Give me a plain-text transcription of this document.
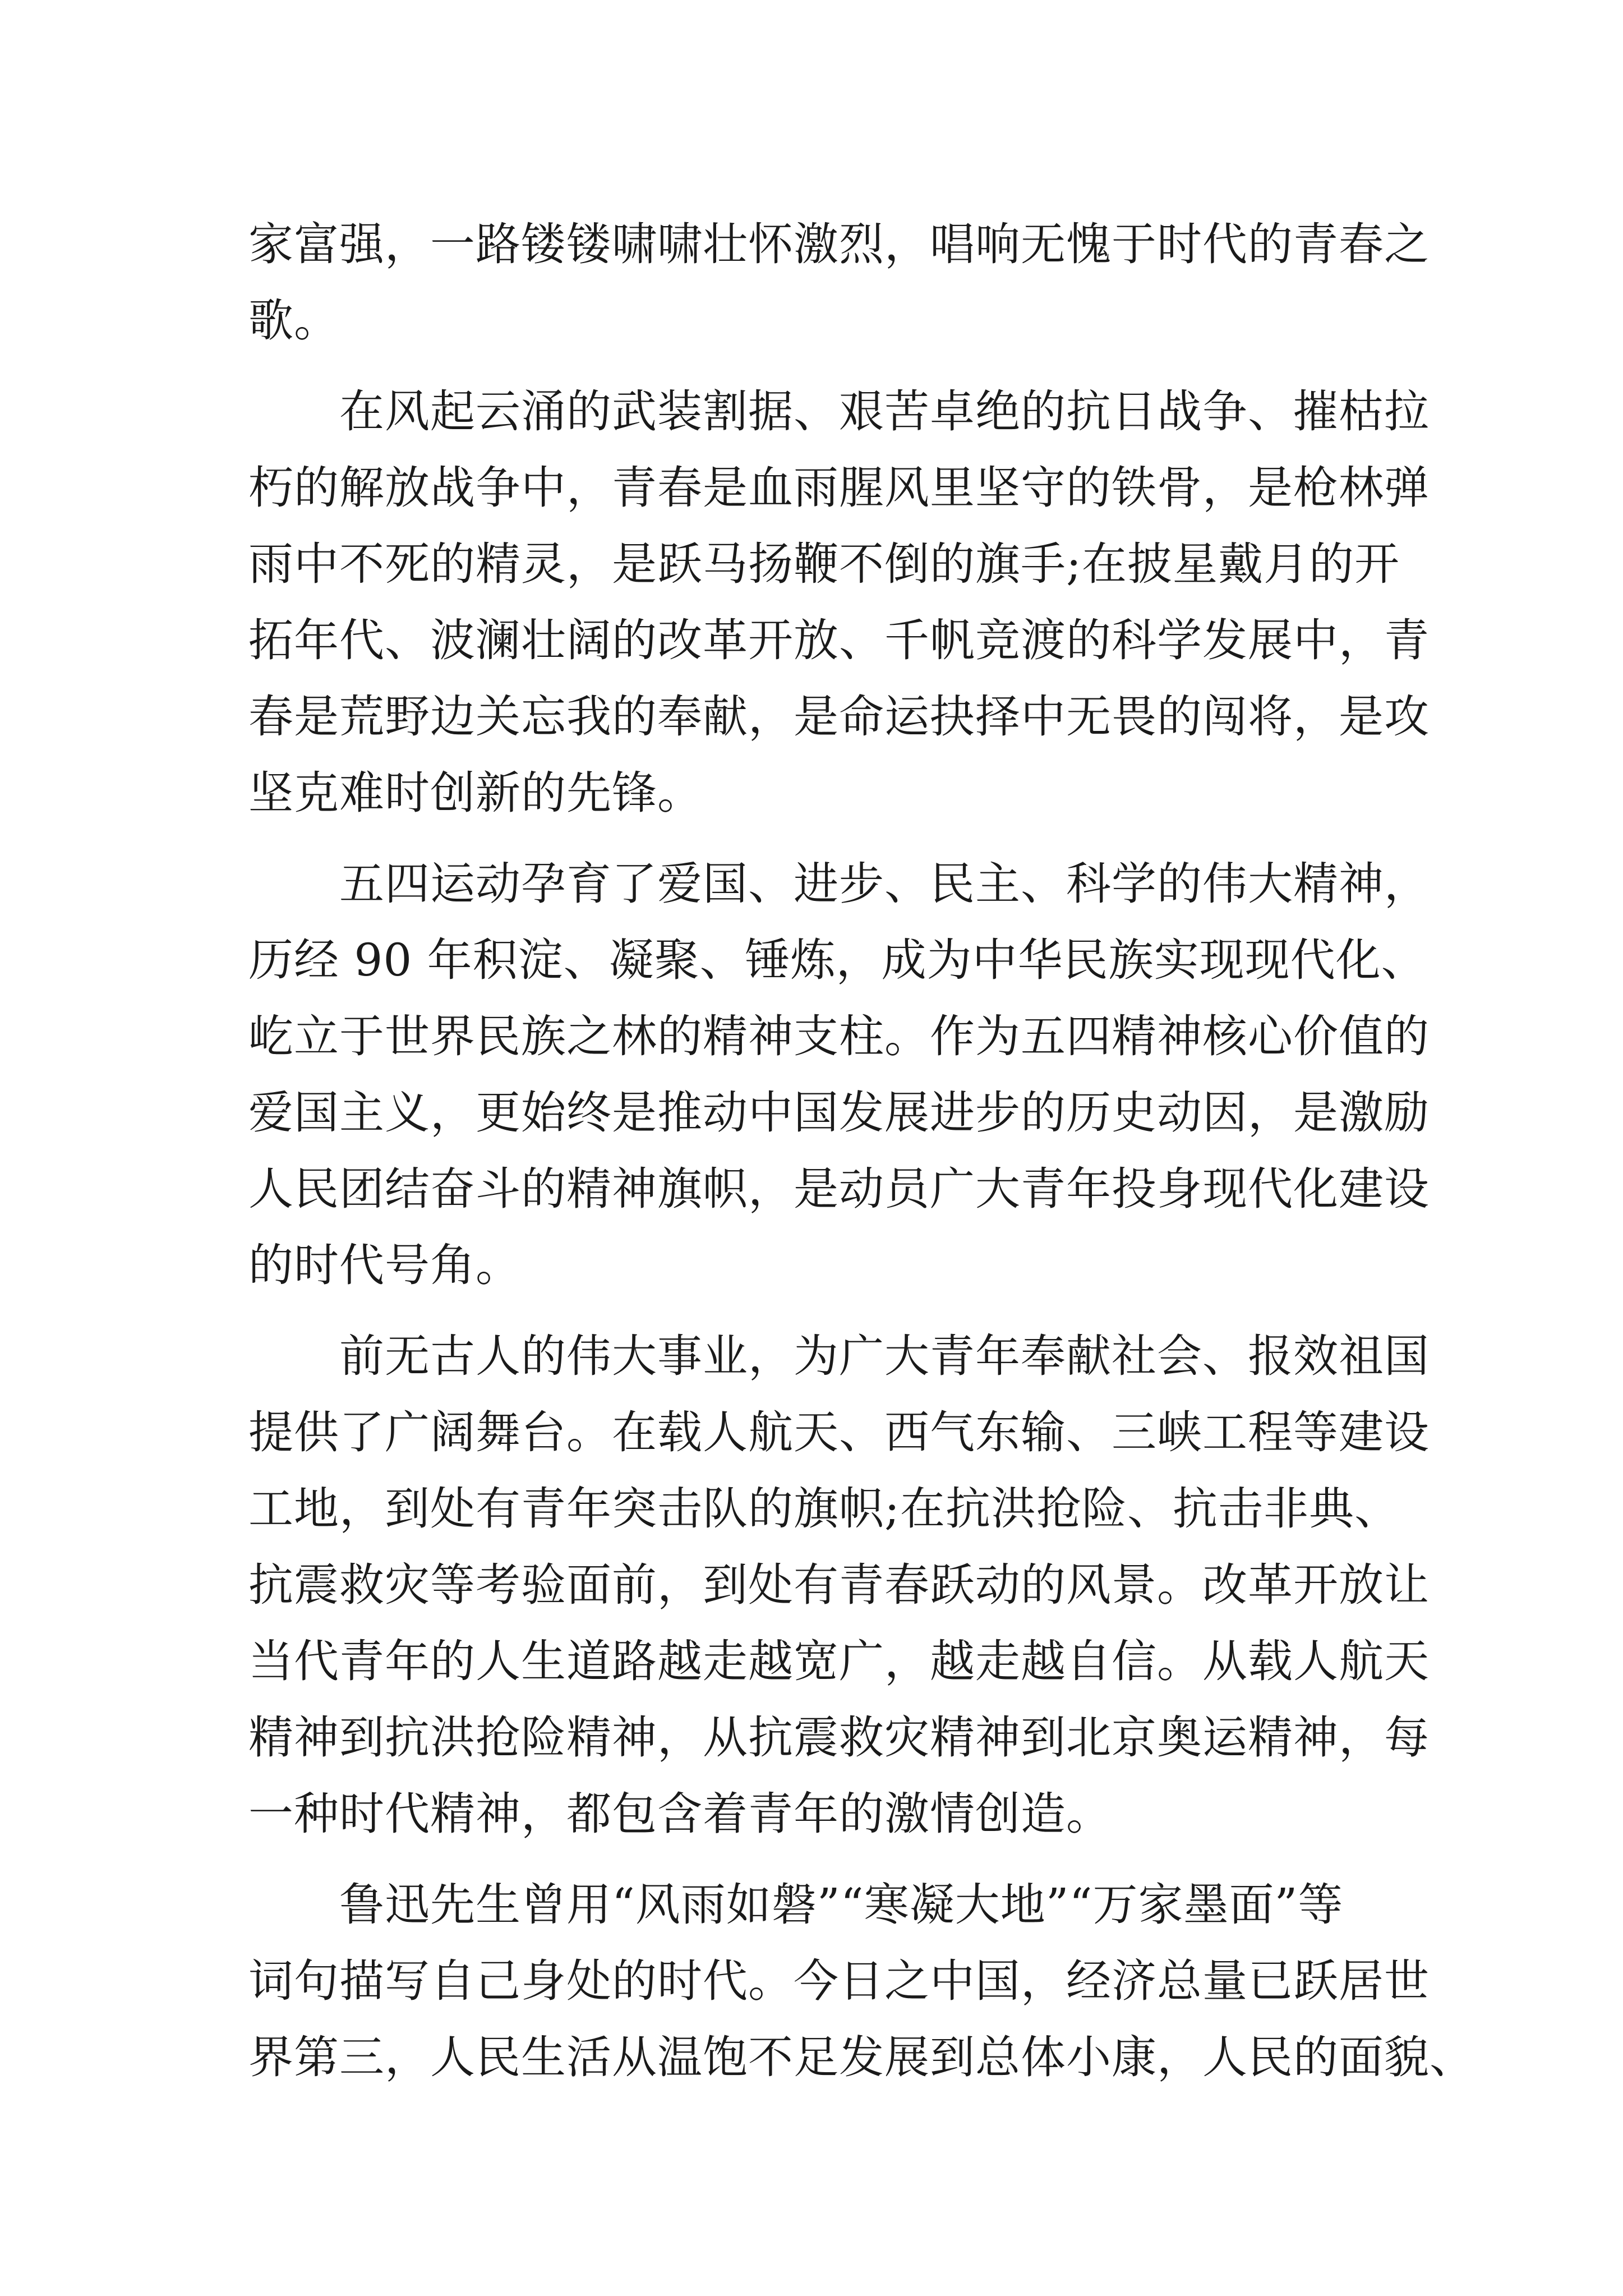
家富强，一路镂镂啸啸壮怀激烈，唱响无愧于时代的青春之
歌。
　　在风起云涌的武装割据、艰苦卓绝的抗日战争、摧枯拉
朽的解放战争中，青春是血雨腥风里坚守的铁骨，是枪林弹
雨中不死的精灵，是跃马扬鞭不倒的旗手;在披星戴月的开
拓年代、波澜壮阔的改革开放、千帆竞渡的科学发展中，青
春是荒野边关忘我的奉献，是命运抉择中无畏的闯将，是攻
坚克难时创新的先锋。
　　五四运动孕育了爱国、进步、民主、科学的伟大精神，
历经 90 年积淀、凝聚、锤炼，成为中华民族实现现代化、
屹立于世界民族之林的精神支柱。作为五四精神核心价值的
爱国主义，更始终是推动中国发展进步的历史动因，是激励
人民团结奋斗的精神旗帜，是动员广大青年投身现代化建设
的时代号角。
　　前无古人的伟大事业，为广大青年奉献社会、报效祖国
提供了广阔舞台。在载人航天、西气东输、三峡工程等建设
工地，到处有青年突击队的旗帜;在抗洪抢险、抗击非典、
抗震救灾等考验面前，到处有青春跃动的风景。改革开放让
当代青年的人生道路越走越宽广，越走越自信。从载人航天
精神到抗洪抢险精神，从抗震救灾精神到北京奥运精神，每
一种时代精神，都包含着青年的激情创造。
　　鲁迅先生曾用“风雨如磐”“寒凝大地”“万家墨面”等
词句描写自己身处的时代。今日之中国，经济总量已跃居世
界第三，人民生活从温饱不足发展到总体小康，人民的面貌、
